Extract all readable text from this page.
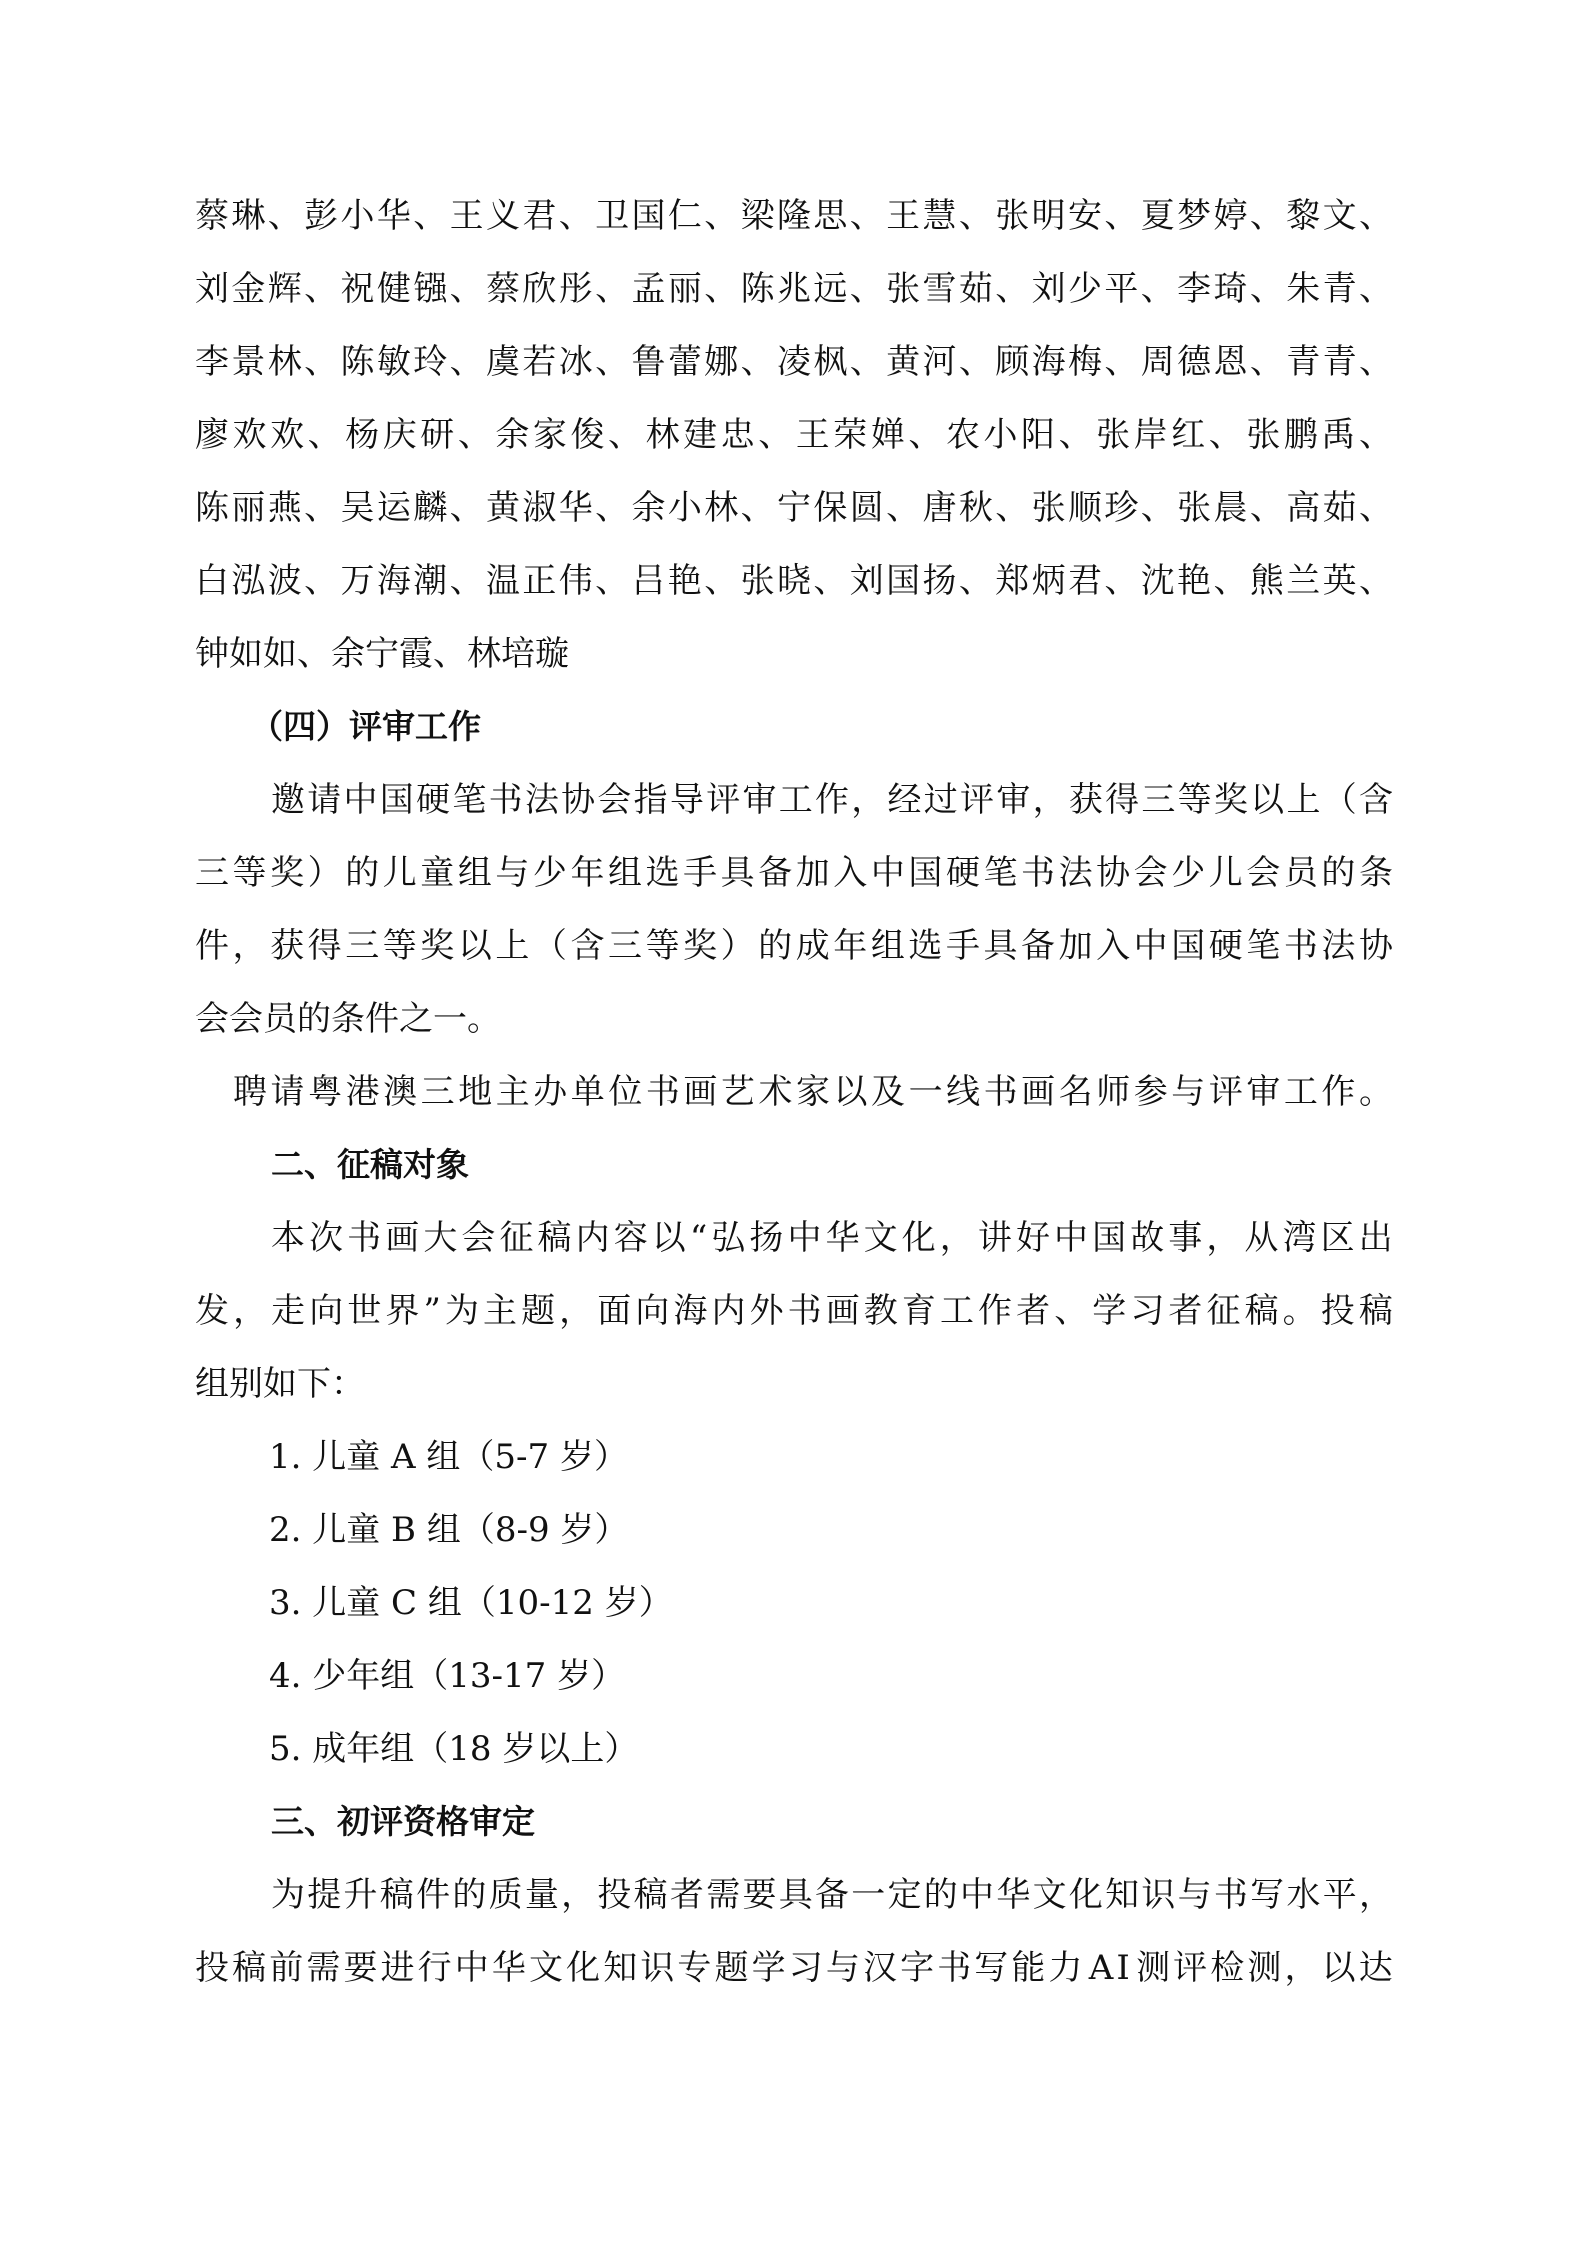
蔡 琳 、 彭 小 华 、 王 义 君 、 卫 国 仁 、 梁 隆 思 、 王 慧 、 张 明 安 、 夏 梦 婷 、 黎 文 、
刘 金 辉 、 祝 健 镪 、 蔡 欣 彤 、 孟 丽 、 陈 兆 远 、 张 雪 茹 、 刘 少 平 、 李 琦 、 朱 青 、
李 景 林 、 陈 敏 玲 、 虞 若 冰 、 鲁 蕾 娜 、 凌 枫 、 黄 河 、 顾 海 梅 、 周 德 恩 、 青 青 、
廖 欢 欢 、 杨 庆 研 、 余 家 俊 、 林 建 忠 、 王 荣 婵 、 农 小 阳 、 张 岸 红 、 张 鹏 禹 、
陈 丽 燕 、 吴 运 麟 、 黄 淑 华 、 余 小 林 、 宁 保 圆 、 唐 秋 、 张 顺 珍 、 张 晨 、 高 茹 、
白 泓 波 、 万 海 潮 、 温 正 伟 、 吕 艳 、 张 晓 、 刘 国 扬 、 郑 炳 君 、 沈 艳 、 熊 兰 英 、
钟如如、余宁霞、林培璇
（四）评审工作
邀 请 中 国 硬 笔 书 法 协 会 指 导 评 审 工 作 ， 经 过 评 审 ， 获 得 三 等 奖 以 上 （ 含
三 等 奖 ） 的 儿 童 组 与 少 年 组 选 手 具 备 加 入 中 国 硬 笔 书 法 协 会 少 儿 会 员 的 条
件 ， 获 得 三 等 奖 以 上 （ 含 三 等 奖 ） 的 成 年 组 选 手 具 备 加 入 中 国 硬 笔 书 法 协
会会员的条件之一。
聘 请 粤 港 澳 三 地 主 办 单 位 书 画 艺 术 家 以 及 一 线 书 画 名 师 参 与 评 审 工 作 。
二、征稿对象
本 次 书 画 大 会 征 稿 内 容 以 “ 弘 扬 中 华 文 化 ， 讲 好 中 国 故 事 ， 从 湾 区 出
发 ， 走 向 世 界 ” 为 主 题 ， 面 向 海 内 外 书 画 教 育 工 作 者 、 学 习 者 征 稿 。 投 稿
组别如下：
1. 儿童 A 组（5-7 岁）
2. 儿童 B 组（8-9 岁）
3. 儿童 C 组（10-12 岁）
4. 少年组（13-17 岁）
5. 成年组（18 岁以上）
三、初评资格审定
为 提 升 稿 件 的 质 量 ， 投 稿 者 需 要 具 备 一 定 的 中 华 文 化 知 识 与 书 写 水 平 ，
投 稿 前 需 要 进 行 中 华 文 化 知 识 专 题 学 习 与 汉 字 书 写 能 力 A I 测 评 检 测 ， 以 达
